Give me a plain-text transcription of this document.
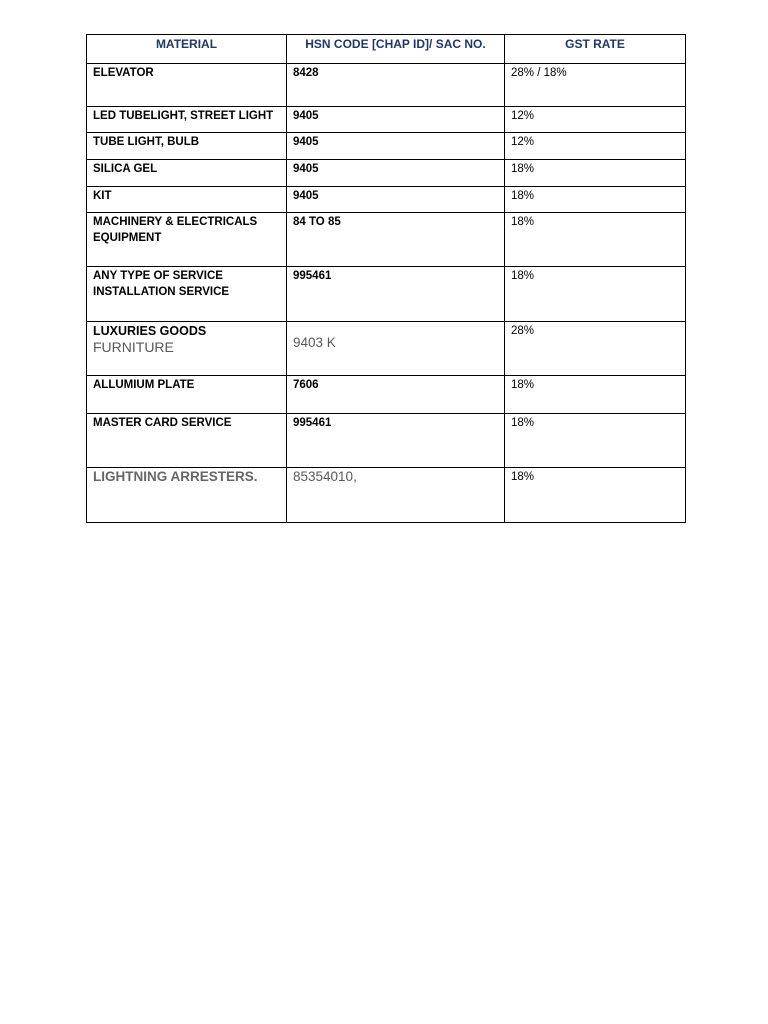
MATERIAL	HSN CODE [CHAP ID]/ SAC NO.	GST RATE

ELEVATOR	8428	28% / 18%

LED TUBELIGHT, STREET LIGHT	9405	12%

TUBE LIGHT, BULB	9405	12%

SILICA GEL	9405	18%

KIT	9405	18%

MACHINERY & ELECTRICALS EQUIPMENT	84 TO 85	18%

ANY TYPE OF SERVICE INSTALLATION SERVICE	995461	18%

LUXURIES GOODS
FURNITURE	9403 K	28%

ALLUMIUM PLATE	7606	18%

MASTER CARD SERVICE	995461	18%

LIGHTNING ARRESTERS.	85354010,	18%
